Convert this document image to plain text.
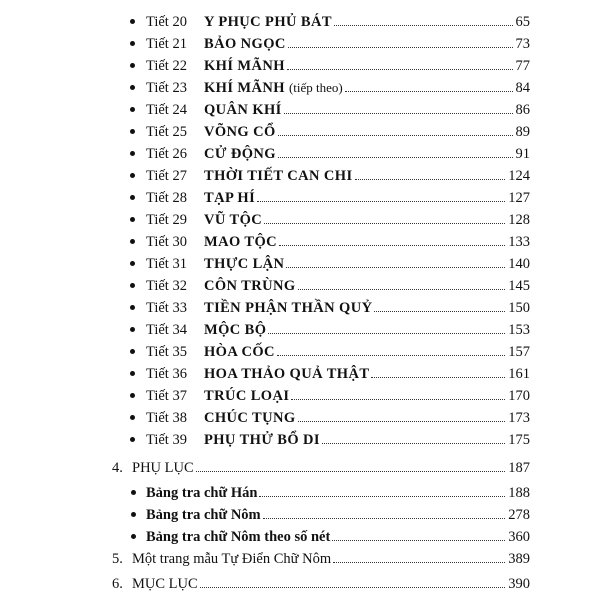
Tiết 20	Y PHỤC PHỦ BÁT	65
Tiết 21	BẢO NGỌC	73
Tiết 22	KHÍ MÃNH	77
Tiết 23	KHÍ MÃNH (tiếp theo)	84
Tiết 24	QUÂN KHÍ	86
Tiết 25	VÕNG CỔ	89
Tiết 26	CỬ ĐỘNG	91
Tiết 27	THỜI TIẾT CAN CHI	124
Tiết 28	TẠP HÍ	127
Tiết 29	VŨ TỘC	128
Tiết 30	MAO TỘC	133
Tiết 31	THỰC LẬN	140
Tiết 32	CÔN TRÙNG	145
Tiết 33	TIỀN PHẬN THẦN QUỶ	150
Tiết 34	MỘC BỘ	153
Tiết 35	HÒA CỐC	157
Tiết 36	HOA THẢO QUẢ THẬT	161
Tiết 37	TRÚC LOẠI	170
Tiết 38	CHÚC TỤNG	173
Tiết 39	PHỤ THỬ BỔ DI	175
4. PHỤ LỤC	187
Bảng tra chữ Hán	188
Bảng tra chữ Nôm	278
Bảng tra chữ Nôm theo số nét	360
5. Một trang mẫu Tự Điển Chữ Nôm	389
6. MỤC LỤC	390
